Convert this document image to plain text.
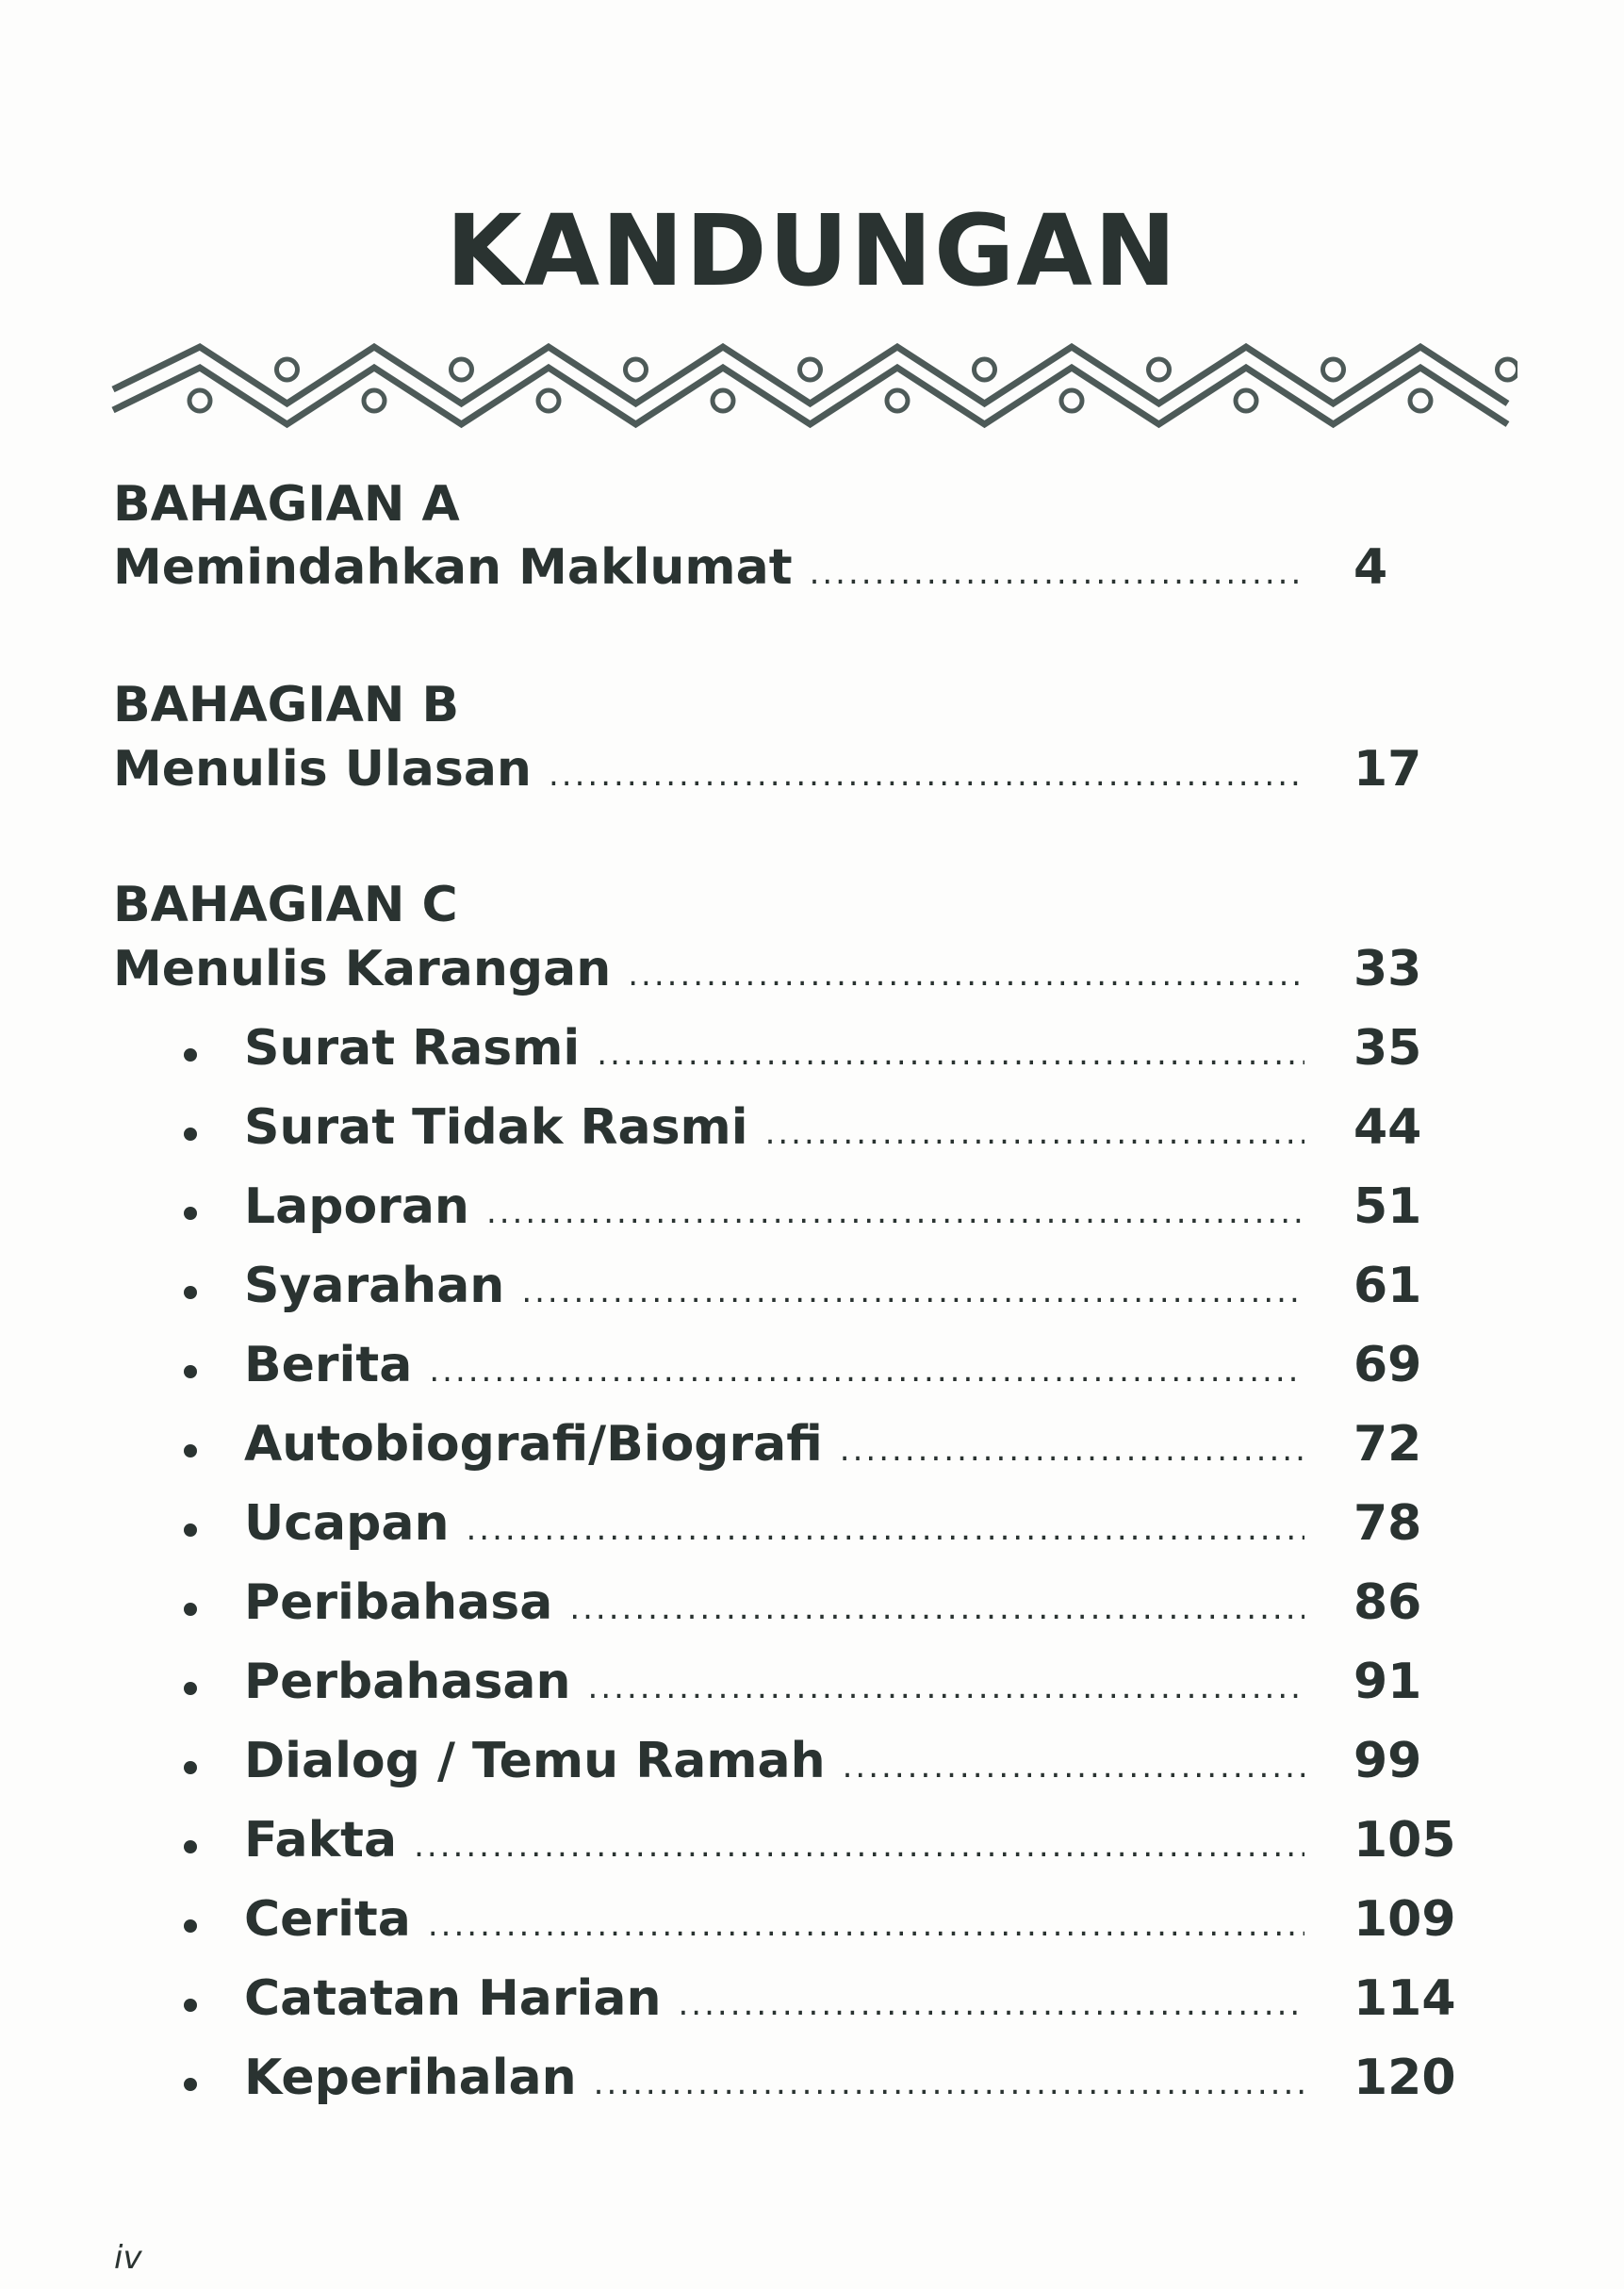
KANDUNGAN
BAHAGIAN A
Memindahkan Maklumat .....	4
BAHAGIAN B
Menulis Ulasan .....	17
BAHAGIAN C
Menulis Karangan .....	33
Surat Rasmi .....	35
Surat Tidak Rasmi .....	44
Laporan .....	51
Syarahan .....	61
Berita .....	69
Autobiografi/Biografi .....	72
Ucapan .....	78
Peribahasa .....	86
Perbahasan .....	91
Dialog / Temu Ramah .....	99
Fakta .....	105
Cerita .....	109
Catatan Harian .....	114
Keperihalan .....	120
iv
